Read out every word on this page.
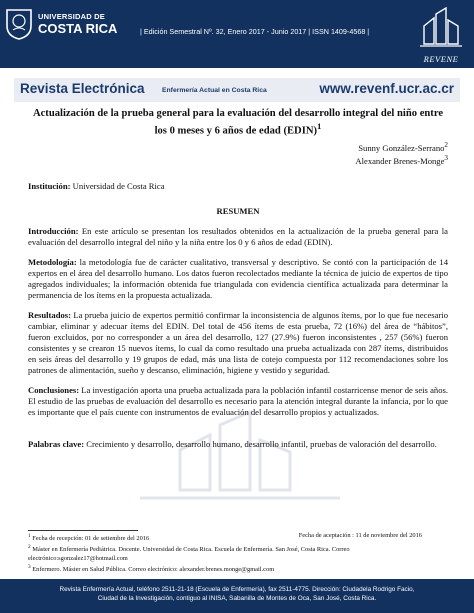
UNIVERSIDAD DE
COSTA RICA	| Edición Semestral Nº. 32, Enero 2017 - Junio 2017 | ISSN 1409-4568 |
REVENE
Revista Electrónica	Enfermería Actual en Costa Rica	www.revenf.ucr.ac.cr
Actualización de la prueba general para la evaluación del desarrollo integral del niño entre los 0 meses y 6 años de edad (EDIN)$^1$
Sunny González-Serrano$^2$
Alexander Brenes-Monge$^3$
Institución: Universidad de Costa Rica
RESUMEN

Introducción: En este artículo se presentan los resultados obtenidos en la actualización de la prueba general para la evaluación del desarrollo integral del niño y la niña entre los 0 y 6 años de edad (EDIN).

Metodología: la metodología fue de carácter cualitativo, transversal y descriptivo. Se contó con la participación de 14 expertos en el área del desarrollo humano. Los datos fueron recolectados mediante la técnica de juicio de expertos de tipo agregados individuales; la información obtenida fue triangulada con evidencia científica actualizada para determinar la permanencia de los ítems en la propuesta actualizada.

Resultados: La prueba juicio de expertos permitió confirmar la inconsistencia de algunos ítems, por lo que fue necesario cambiar, eliminar y adecuar ítems del EDIN. Del total de 456 ítems de esta prueba, 72 (16%) del área de “hábitos”, fueron excluidos, por no corresponder a un área del desarrollo, 127 (27.9%) fueron inconsistentes , 257 (56%) fueron consistentes y se crearon 15 nuevos ítems, lo cual da como resultado una prueba actualizada con 287 ítems, distribuidos en seis áreas del desarrollo y 19 grupos de edad, más una lista de cotejo compuesta por 112 recomendaciones sobre los patrones de alimentación, sueño y descanso, eliminación, higiene y vestido y seguridad.

Conclusiones: La investigación aporta una prueba actualizada para la población infantil costarricense menor de seis años. El estudio de las pruebas de evaluación del desarrollo es necesario para la atención integral durante la infancia, por lo que es importante que el país cuente con instrumentos de evaluación del desarrollo propios y actualizados.

Palabras clave: Crecimiento y desarrollo, desarrollo humano, desarrollo infantil, pruebas de valoración del desarrollo.

$^1$ Fecha de recepción: 01 de setiembre del 2016	Fecha de aceptación : 11 de noviembre del 2016
$^2$ Máster en Enfermería Pediátrica. Docente. Universidad de Costa Rica. Escuela de Enfermería. San José, Costa Rica. Correo electrónico:sgonzalez17@hotmail.com
$^3$ Enfermero. Máster en Salud Pública. Correo electrónico: alexander.brenes.monge@gmail.com
Revista Enfermería Actual, teléfono 2511-21-18 (Escuela de Enfermería), fax 2511-4775. Dirección: Ciudadela Rodrigo Facio,
Ciudad de la Investigación, contiguo al INISA, Sabanilla de Montes de Oca, San José, Costa Rica.
